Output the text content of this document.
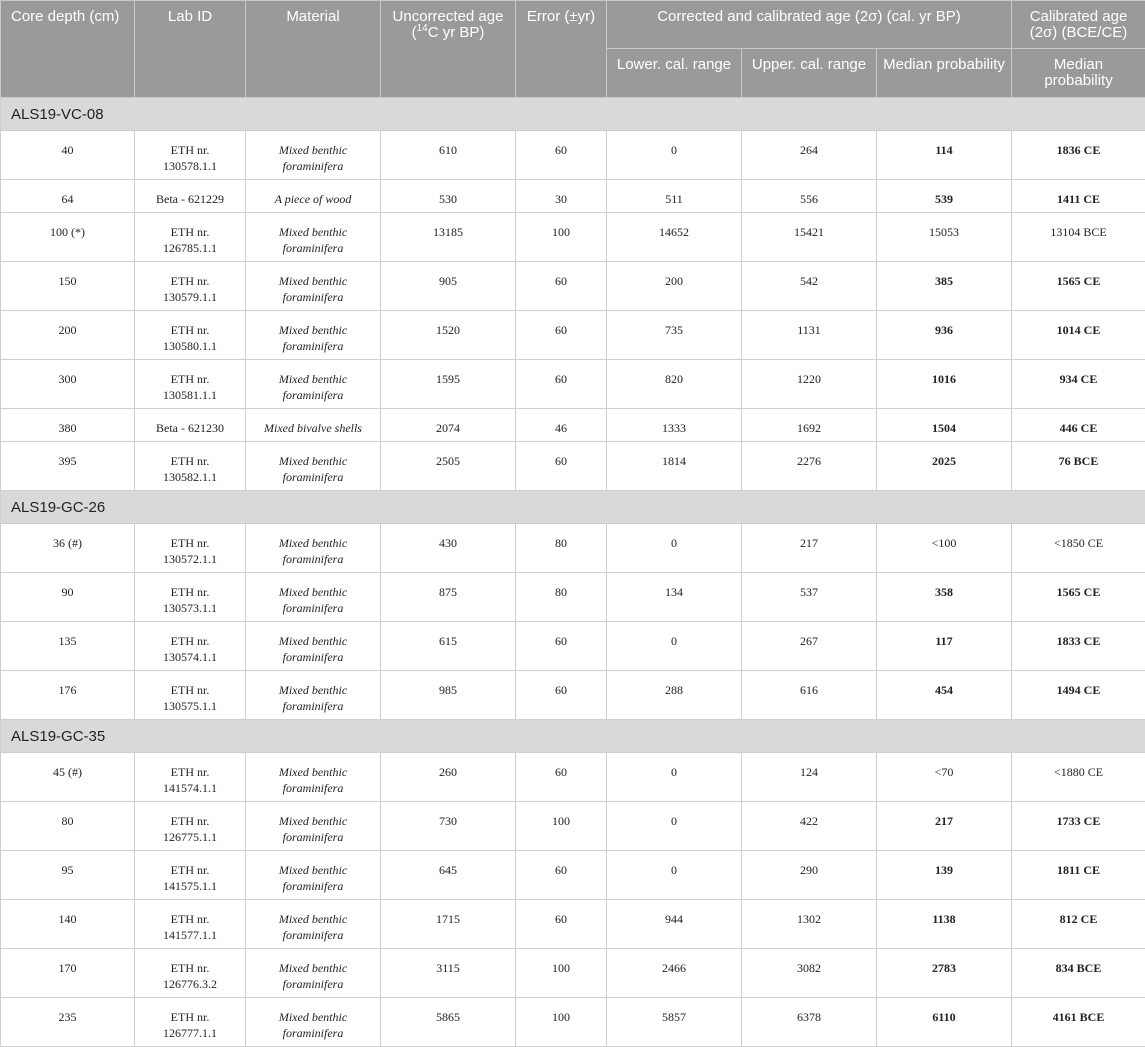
Core depth (cm)	Lab ID	Material	Uncorrected age ($^{14}$C yr BP)	Error (±yr)	Corrected and calibrated age (2σ) (cal. yr BP)			Calibrated age (2σ) (BCE/CE)
					Lower. cal. range	Upper. cal. range	Median probability	Median probability
ALS19-VC-08								
40	ETH nr. 130578.1.1	Mixed benthic foraminifera	610	60	0	264	114	1836 CE
64	Beta - 621229	A piece of wood	530	30	511	556	539	1411 CE
100 (*)	ETH nr. 126785.1.1	Mixed benthic foraminifera	13185	100	14652	15421	15053	13104 BCE
150	ETH nr. 130579.1.1	Mixed benthic foraminifera	905	60	200	542	385	1565 CE
200	ETH nr. 130580.1.1	Mixed benthic foraminifera	1520	60	735	1131	936	1014 CE
300	ETH nr. 130581.1.1	Mixed benthic foraminifera	1595	60	820	1220	1016	934 CE
380	Beta - 621230	Mixed bivalve shells	2074	46	1333	1692	1504	446 CE
395	ETH nr. 130582.1.1	Mixed benthic foraminifera	2505	60	1814	2276	2025	76 BCE
ALS19-GC-26								
36 (#)	ETH nr. 130572.1.1	Mixed benthic foraminifera	430	80	0	217	<100	<1850 CE
90	ETH nr. 130573.1.1	Mixed benthic foraminifera	875	80	134	537	358	1565 CE
135	ETH nr. 130574.1.1	Mixed benthic foraminifera	615	60	0	267	117	1833 CE
176	ETH nr. 130575.1.1	Mixed benthic foraminifera	985	60	288	616	454	1494 CE
ALS19-GC-35								
45 (#)	ETH nr. 141574.1.1	Mixed benthic foraminifera	260	60	0	124	<70	<1880 CE
80	ETH nr. 126775.1.1	Mixed benthic foraminifera	730	100	0	422	217	1733 CE
95	ETH nr. 141575.1.1	Mixed benthic foraminifera	645	60	0	290	139	1811 CE
140	ETH nr. 141577.1.1	Mixed benthic foraminifera	1715	60	944	1302	1138	812 CE
170	ETH nr. 126776.3.2	Mixed benthic foraminifera	3115	100	2466	3082	2783	834 BCE
235	ETH nr. 126777.1.1	Mixed benthic foraminifera	5865	100	5857	6378	6110	4161 BCE
